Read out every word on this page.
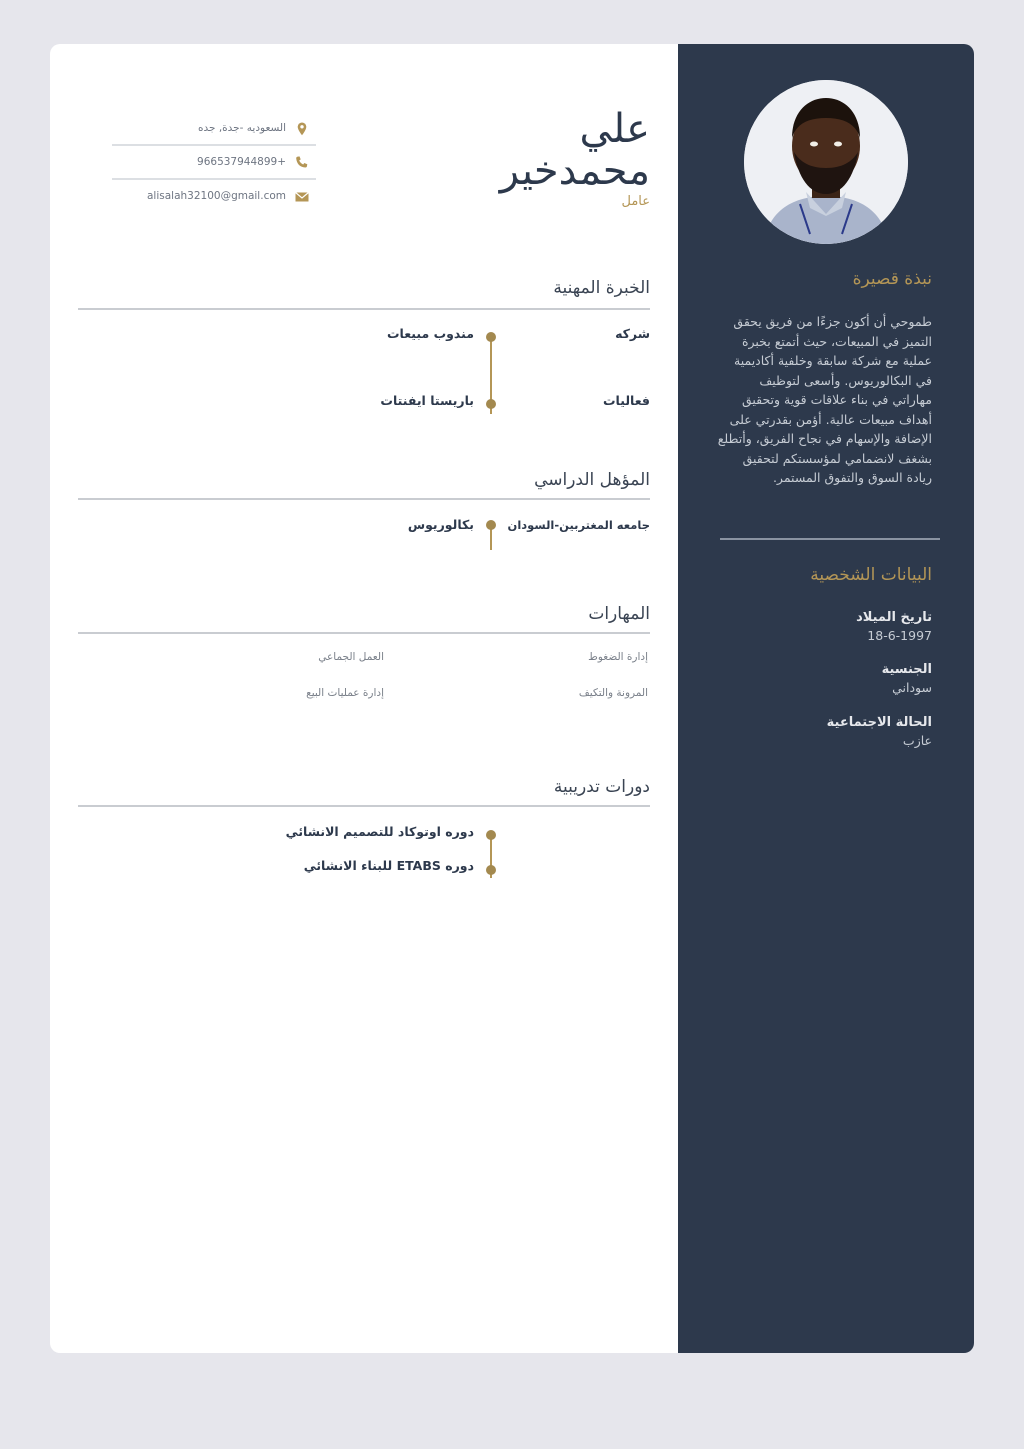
علي
محمدخير
عامل
السعوديه -جدة, جده
966537944899+
alisalah32100@gmail.com
الخبرة المهنية
شركه
مندوب مبيعات
فعاليات
باريستا ايفنتات
المؤهل الدراسي
جامعه المغتربين-السودان
بكالوريوس
المهارات
إدارة الضغوط
العمل الجماعي
المرونة والتكيف
إدارة عمليات البيع
دورات تدريبية
دوره اوتوكاد للتصميم الانشائي
دوره ETABS للبناء الانشائي
نبذة قصيرة
طموحي أن أكون جزءًا من فريق يحقق التميز في المبيعات، حيث أتمتع بخبرة عملية مع شركة سابقة وخلفية أكاديمية في البكالوريوس. وأسعى لتوظيف مهاراتي في بناء علاقات قوية وتحقيق أهداف مبيعات عالية. أؤمن بقدرتي على الإضافة والإسهام في نجاح الفريق، وأتطلع بشغف لانضمامي لمؤسستكم لتحقيق ريادة السوق والتفوق المستمر.
البيانات الشخصية
تاريخ الميلاد
18-6-1997
الجنسية
سوداني
الحالة الاجتماعية
عازب
